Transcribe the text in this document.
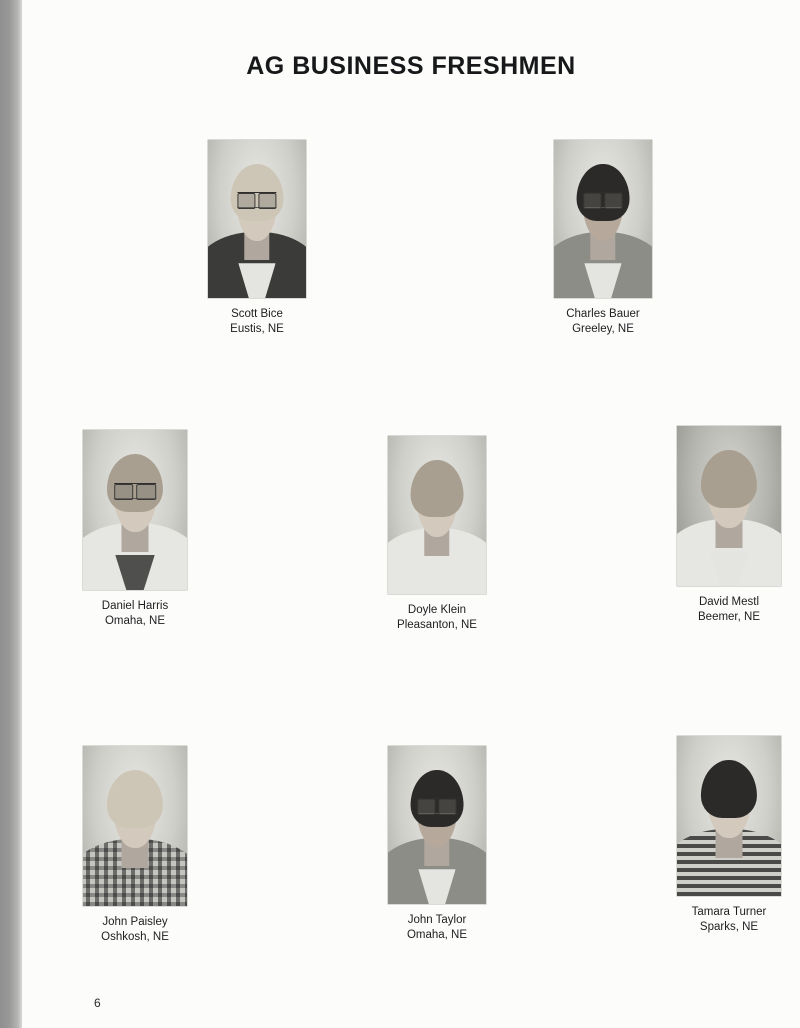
AG BUSINESS FRESHMEN
Scott Bice
Eustis, NE
Charles Bauer
Greeley, NE
Daniel Harris
Omaha, NE
Doyle Klein
Pleasanton, NE
David Mestl
Beemer, NE
John Paisley
Oshkosh, NE
John Taylor
Omaha, NE
Tamara Turner
Sparks, NE
6
